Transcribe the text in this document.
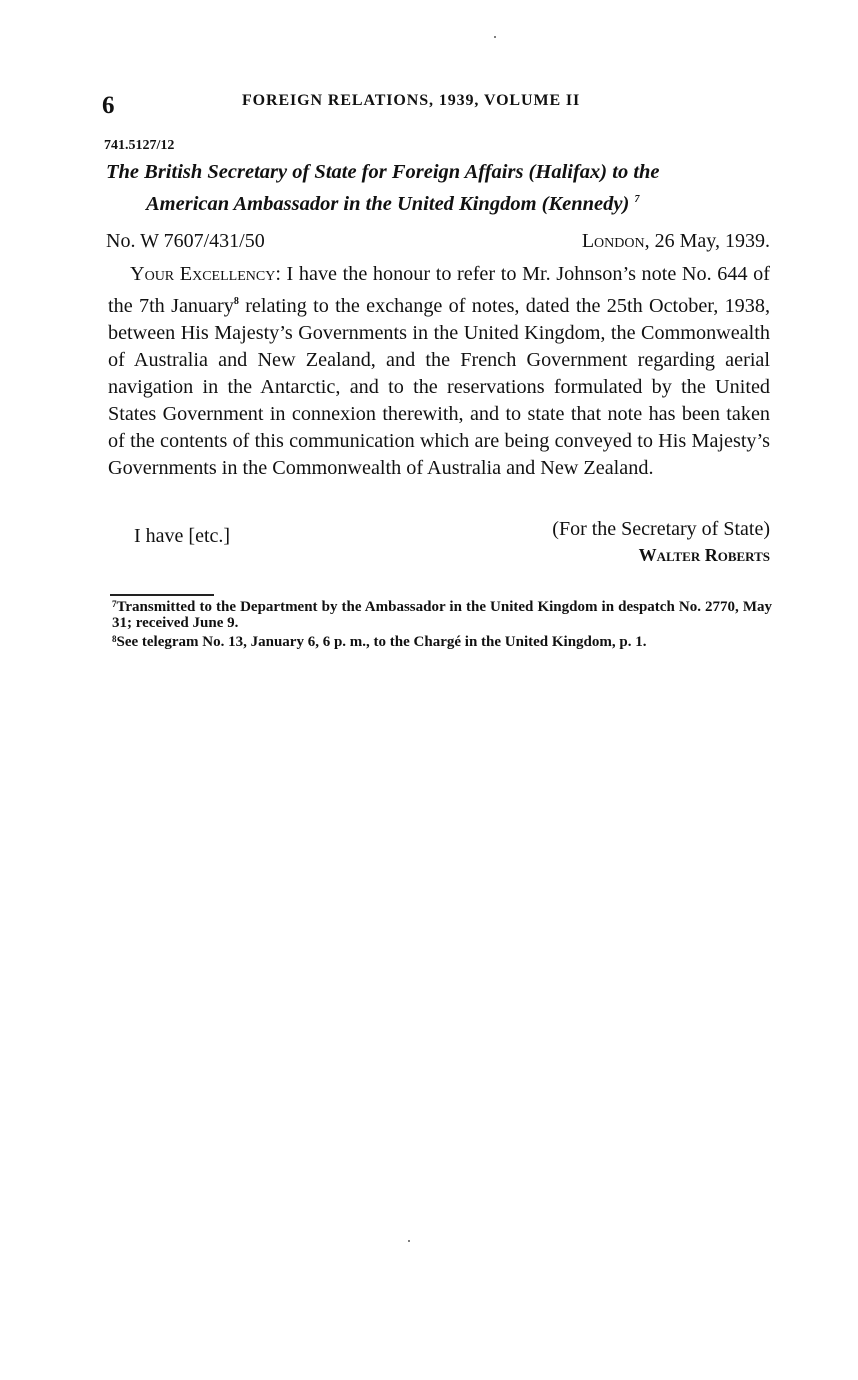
6	FOREIGN RELATIONS, 1939, VOLUME II
741.5127/12
The British Secretary of State for Foreign Affairs (Halifax) to the
American Ambassador in the United Kingdom (Kennedy) $^7$
No. W 7607/431/50	London, 26 May, 1939.
Your Excellency: I have the honour to refer to Mr. Johnson’s note No. 644 of the 7th January$^8$ relating to the exchange of notes, dated the 25th October, 1938, between His Majesty’s Governments in the United Kingdom, the Commonwealth of Australia and New Zealand, and the French Government regarding aerial navigation in the Antarctic, and to the reservations formulated by the United States Government in connexion therewith, and to state that note has been taken of the contents of this communication which are being conveyed to His Majesty’s Governments in the Commonwealth of Australia and New Zealand.
I have [etc.]	(For the Secretary of State)
Walter Roberts
$^7$Transmitted to the Department by the Ambassador in the United Kingdom in despatch No. 2770, May 31; received June 9.
$^8$See telegram No. 13, January 6, 6 p. m., to the Chargé in the United Kingdom, p. 1.
